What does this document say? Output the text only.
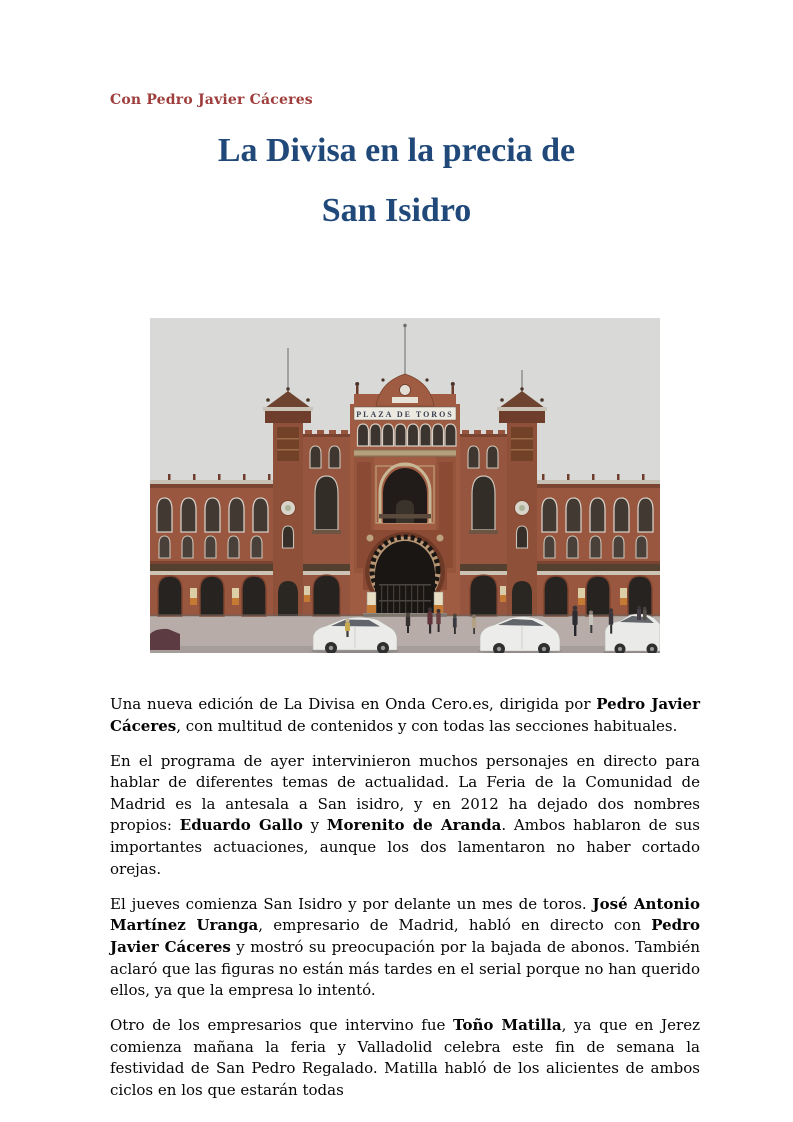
Con Pedro Javier Cáceres
La Divisa en la precia de
San Isidro
PLAZA DE TOROS

Una nueva edición de La Divisa en Onda Cero.es, dirigida por Pedro Javier Cáceres, con multitud de contenidos y con todas las secciones habituales.

En el programa de ayer intervinieron muchos personajes en directo para hablar de diferentes temas de actualidad. La Feria de la Comunidad de Madrid es la antesala a San isidro, y en 2012 ha dejado dos nombres propios: Eduardo Gallo y Morenito de Aranda. Ambos hablaron de sus importantes actuaciones, aunque los dos lamentaron no haber cortado orejas.

El jueves comienza San Isidro y por delante un mes de toros. José Antonio Martínez Uranga, empresario de Madrid, habló en directo con Pedro Javier Cáceres y mostró su preocupación por la bajada de abonos. También aclaró que las figuras no están más tardes en el serial porque no han querido ellos, ya que la empresa lo intentó.

Otro de los empresarios que intervino fue Toño Matilla, ya que en Jerez comienza mañana la feria y Valladolid celebra este fin de semana la festividad de San Pedro Regalado. Matilla habló de los alicientes de ambos ciclos en los que estarán todas
